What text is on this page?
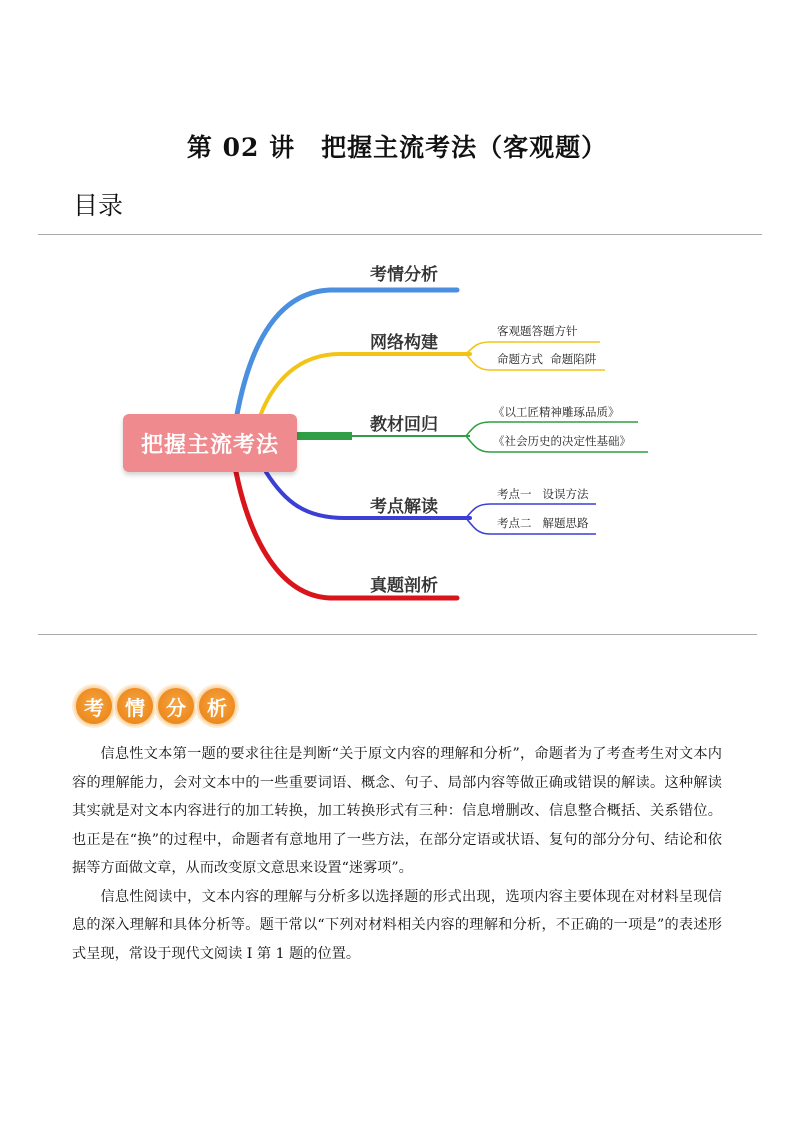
第 02 讲　把握主流考法（客观题）
目录
把握主流考法
考情分析
网络构建
教材回归
考点解读
真题剖析
客观题答题方针
命题方式  命题陷阱
《以工匠精神雕琢品质》
《社会历史的决定性基础》
考点一   设误方法
考点二   解题思路
考	情	分	析

信息性文本第一题的要求往往是判断“关于原文内容的理解和分析”，命题者为了考查考生对文本内容的理解能力，会对文本中的一些重要词语、概念、句子、局部内容等做正确或错误的解读。这种解读其实就是对文本内容进行的加工转换，加工转换形式有三种：信息增删改、信息整合概括、关系错位。也正是在“换”的过程中，命题者有意地用了一些方法，在部分定语或状语、复句的部分分句、结论和依据等方面做文章，从而改变原文意思来设置“迷雾项”。

信息性阅读中，文本内容的理解与分析多以选择题的形式出现，选项内容主要体现在对材料呈现信息的深入理解和具体分析等。题干常以“下列对材料相关内容的理解和分析，不正确的一项是”的表述形式呈现，常设于现代文阅读 I 第 1 题的位置。
